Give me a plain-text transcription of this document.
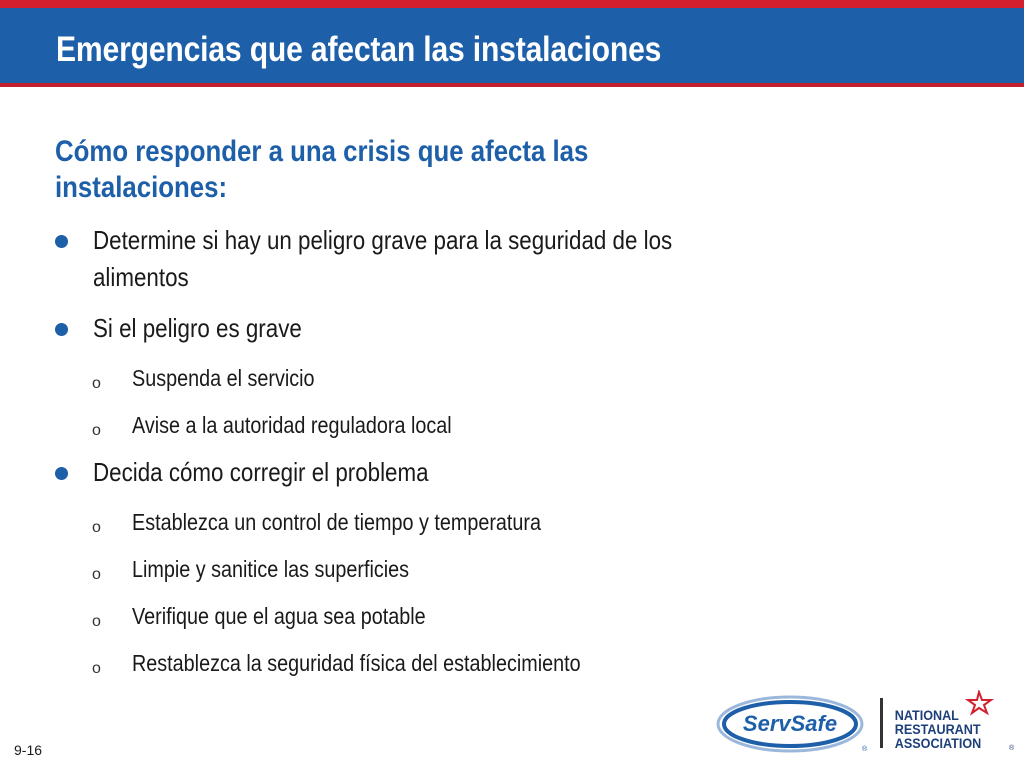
Emergencias que afectan las instalaciones
Cómo responder a una crisis que afecta las instalaciones:
Determine si hay un peligro grave para la seguridad de los alimentos
Si el peligro es grave
o Suspenda el servicio
o Avise a la autoridad reguladora local
Decida cómo corregir el problema
o Establezca un control de tiempo y temperatura
o Limpie y sanitice las superficies
o Verifique que el agua sea potable
o Restablezca la seguridad física del establecimiento
ServSafe
®
NATIONAL
RESTAURANT
ASSOCIATION	®
9-16
